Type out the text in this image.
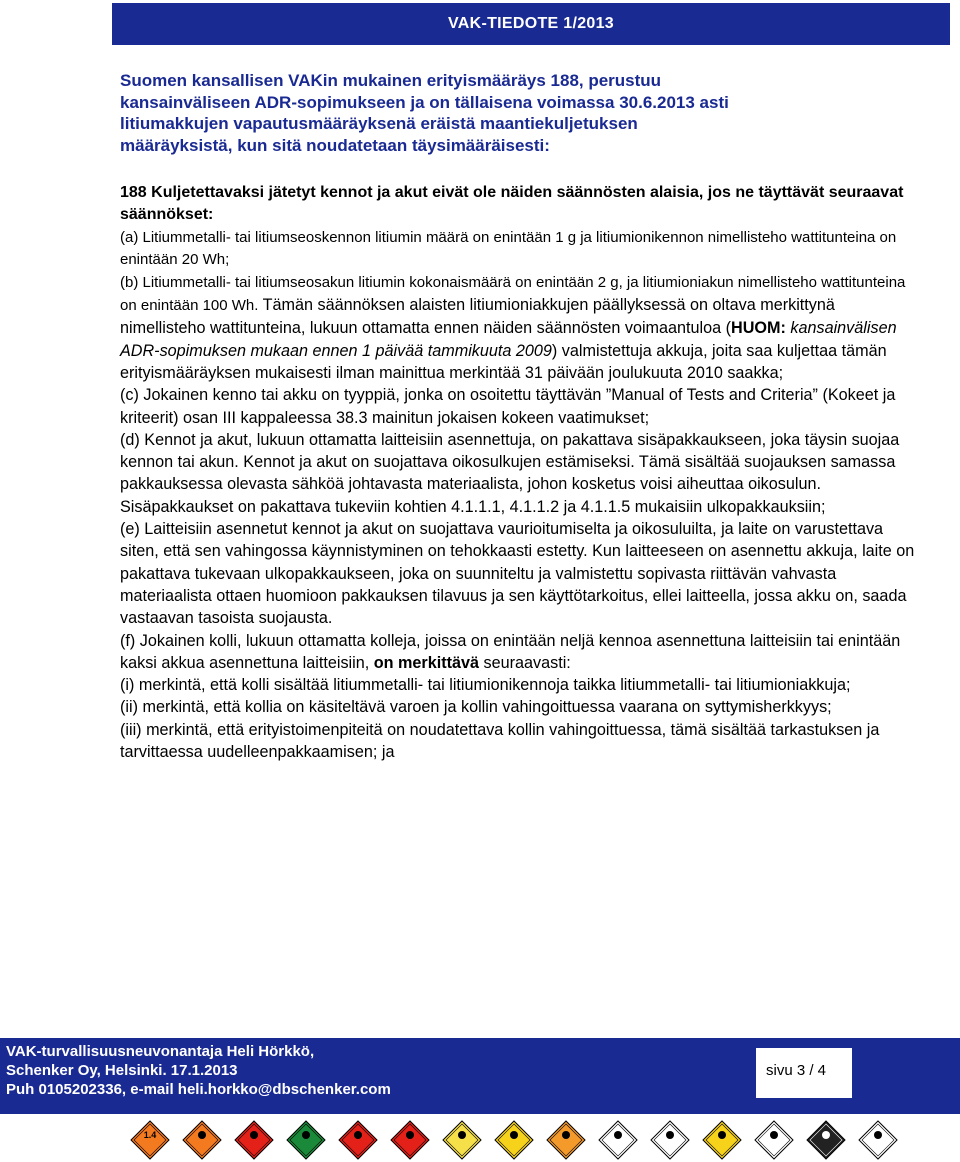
VAK-TIEDOTE 1/2013
Suomen kansallisen VAKin mukainen erityismääräys 188, perustuu
kansainväliseen ADR-sopimukseen ja on tällaisena voimassa 30.6.2013 asti
litiumakkujen vapautusmääräyksenä eräistä maantiekuljetuksen
määräyksistä, kun sitä noudatetaan täysimääräisesti:

188 Kuljetettavaksi jätetyt kennot ja akut eivät ole näiden säännösten alaisia, jos ne täyttävät seuraavat säännökset:

(a) Litiummetalli- tai litiumseoskennon litiumin määrä on enintään 1 g ja litiumionikennon nimellisteho wattitunteina on enintään 20 Wh;

(b) Litiummetalli- tai litiumseosakun litiumin kokonaismäärä on enintään 2 g, ja litiumioniakun nimellisteho wattitunteina on enintään 100 Wh. Tämän säännöksen alaisten litiumioniakkujen päällyksessä on oltava merkittynä nimellisteho wattitunteina, lukuun ottamatta ennen näiden säännösten voimaantuloa (HUOM: kansainvälisen ADR-sopimuksen mukaan ennen 1 päivää tammikuuta 2009) valmistettuja akkuja, joita saa kuljettaa tämän erityismääräyksen mukaisesti ilman mainittua merkintää 31 päivään joulukuuta 2010 saakka;

(c) Jokainen kenno tai akku on tyyppiä, jonka on osoitettu täyttävän ”Manual of Tests and Criteria” (Kokeet ja kriteerit) osan III kappaleessa 38.3 mainitun jokaisen kokeen vaatimukset;

(d) Kennot ja akut, lukuun ottamatta laitteisiin asennettuja, on pakattava sisäpakkaukseen, joka täysin suojaa kennon tai akun. Kennot ja akut on suojattava oikosulkujen estämiseksi. Tämä sisältää suojauksen samassa pakkauksessa olevasta sähköä johtavasta materiaalista, johon kosketus voisi aiheuttaa oikosulun. Sisäpakkaukset on pakattava tukeviin kohtien 4.1.1.1, 4.1.1.2 ja 4.1.1.5 mukaisiin ulkopakkauksiin;

(e) Laitteisiin asennetut kennot ja akut on suojattava vaurioitumiselta ja oikosuluilta, ja laite on varustettava siten, että sen vahingossa käynnistyminen on tehokkaasti estetty. Kun laitteeseen on asennettu akkuja, laite on pakattava tukevaan ulkopakkaukseen, joka on suunniteltu ja valmistettu sopivasta riittävän vahvasta materiaalista ottaen huomioon pakkauksen tilavuus ja sen käyttötarkoitus, ellei laitteella, jossa akku on, saada vastaavan tasoista suojausta.

(f) Jokainen kolli, lukuun ottamatta kolleja, joissa on enintään neljä kennoa asennettuna laitteisiin tai enintään kaksi akkua asennettuna laitteisiin, on merkittävä seuraavasti:

(i) merkintä, että kolli sisältää litiummetalli- tai litiumionikennoja taikka litiummetalli- tai litiumioniakkuja;

(ii) merkintä, että kollia on käsiteltävä varoen ja kollin vahingoittuessa vaarana on syttymisherkkyys;

(iii) merkintä, että erityistoimenpiteitä on noudatettava kollin vahingoittuessa, tämä sisältää tarkastuksen ja tarvittaessa uudelleenpakkaamisen; ja

VAK-turvallisuusneuvonantaja Heli Hörkkö,
Schenker Oy, Helsinki. 17.1.2013
Puh 0105202336, e-mail heli.horkko@dbschenker.com
sivu 3 / 4
1.4
